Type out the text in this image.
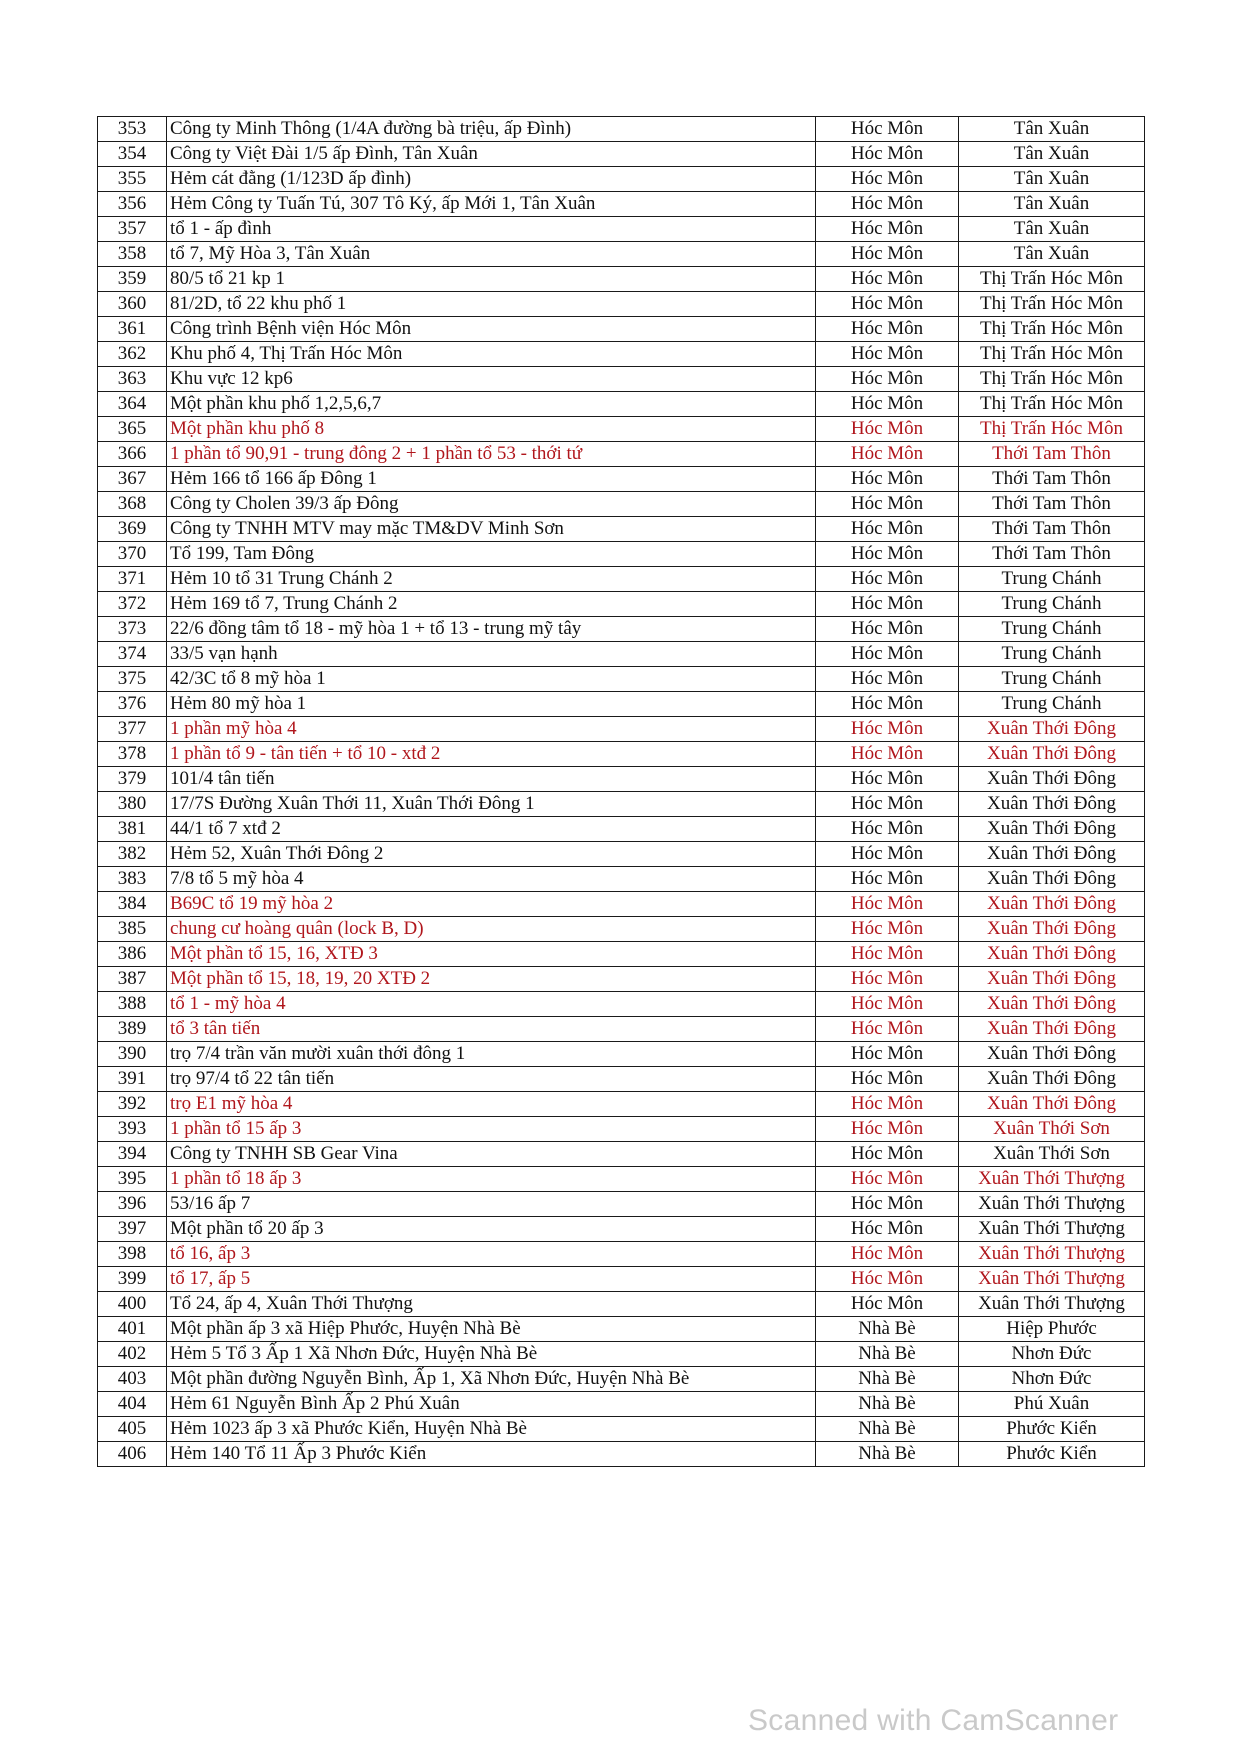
353	Công ty Minh Thông (1/4A đường bà triệu, ấp Đình)	Hóc Môn	Tân Xuân
354	Công ty Việt Đài 1/5 ấp Đình, Tân Xuân	Hóc Môn	Tân Xuân
355	Hẻm cát đằng (1/123D ấp đình)	Hóc Môn	Tân Xuân
356	Hẻm Công ty Tuấn Tú, 307 Tô Ký, ấp Mới 1, Tân Xuân	Hóc Môn	Tân Xuân
357	tổ 1 - ấp đình	Hóc Môn	Tân Xuân
358	tổ 7, Mỹ Hòa 3, Tân Xuân	Hóc Môn	Tân Xuân
359	80/5 tổ 21 kp 1	Hóc Môn	Thị Trấn Hóc Môn
360	81/2D, tổ 22 khu phố 1	Hóc Môn	Thị Trấn Hóc Môn
361	Công trình Bệnh viện Hóc Môn	Hóc Môn	Thị Trấn Hóc Môn
362	Khu phố 4, Thị Trấn Hóc Môn	Hóc Môn	Thị Trấn Hóc Môn
363	Khu vực 12 kp6	Hóc Môn	Thị Trấn Hóc Môn
364	Một phần khu phố 1,2,5,6,7	Hóc Môn	Thị Trấn Hóc Môn
365	Một phần khu phố 8	Hóc Môn	Thị Trấn Hóc Môn
366	1 phần tổ 90,91 - trung đông 2 + 1 phần tổ 53 - thới tứ	Hóc Môn	Thới Tam Thôn
367	Hẻm 166 tổ 166 ấp Đông 1	Hóc Môn	Thới Tam Thôn
368	Công ty Cholen 39/3 ấp Đông	Hóc Môn	Thới Tam Thôn
369	Công ty TNHH MTV may mặc TM&DV Minh Sơn	Hóc Môn	Thới Tam Thôn
370	Tổ 199, Tam Đông	Hóc Môn	Thới Tam Thôn
371	Hẻm 10 tổ 31 Trung Chánh 2	Hóc Môn	Trung Chánh
372	Hẻm 169 tổ 7, Trung Chánh 2	Hóc Môn	Trung Chánh
373	22/6 đồng tâm tổ 18 - mỹ hòa 1 + tổ 13 - trung mỹ tây	Hóc Môn	Trung Chánh
374	33/5 vạn hạnh	Hóc Môn	Trung Chánh
375	42/3C tổ 8 mỹ hòa 1	Hóc Môn	Trung Chánh
376	Hẻm 80 mỹ hòa 1	Hóc Môn	Trung Chánh
377	1 phần mỹ hòa 4	Hóc Môn	Xuân Thới Đông
378	1 phần tổ 9 - tân tiến + tổ 10 - xtđ 2	Hóc Môn	Xuân Thới Đông
379	101/4 tân tiến	Hóc Môn	Xuân Thới Đông
380	17/7S Đường Xuân Thới 11, Xuân Thới Đông 1	Hóc Môn	Xuân Thới Đông
381	44/1 tổ 7 xtđ 2	Hóc Môn	Xuân Thới Đông
382	Hẻm 52, Xuân Thới Đông 2	Hóc Môn	Xuân Thới Đông
383	7/8 tổ 5 mỹ hòa 4	Hóc Môn	Xuân Thới Đông
384	B69C tổ 19 mỹ hòa 2	Hóc Môn	Xuân Thới Đông
385	chung cư hoàng quân (lock B, D)	Hóc Môn	Xuân Thới Đông
386	Một phần tổ 15, 16, XTĐ 3	Hóc Môn	Xuân Thới Đông
387	Một phần tổ 15, 18, 19, 20 XTĐ 2	Hóc Môn	Xuân Thới Đông
388	tổ 1 - mỹ hòa 4	Hóc Môn	Xuân Thới Đông
389	tổ 3 tân tiến	Hóc Môn	Xuân Thới Đông
390	trọ 7/4 trần văn mười xuân thới đông 1	Hóc Môn	Xuân Thới Đông
391	trọ 97/4 tổ 22 tân tiến	Hóc Môn	Xuân Thới Đông
392	trọ E1 mỹ hòa 4	Hóc Môn	Xuân Thới Đông
393	1 phần tổ 15 ấp 3	Hóc Môn	Xuân Thới Sơn
394	Công ty TNHH SB Gear Vina	Hóc Môn	Xuân Thới Sơn
395	1 phần tổ 18 ấp 3	Hóc Môn	Xuân Thới Thượng
396	53/16 ấp 7	Hóc Môn	Xuân Thới Thượng
397	Một phần tổ 20 ấp 3	Hóc Môn	Xuân Thới Thượng
398	tổ 16, ấp 3	Hóc Môn	Xuân Thới Thượng
399	tổ 17, ấp 5	Hóc Môn	Xuân Thới Thượng
400	Tổ 24, ấp 4, Xuân Thới Thượng	Hóc Môn	Xuân Thới Thượng
401	Một phần ấp 3 xã Hiệp Phước, Huyện Nhà Bè	Nhà Bè	Hiệp Phước
402	Hẻm 5 Tổ 3 Ấp 1 Xã Nhơn Đức, Huyện Nhà Bè	Nhà Bè	Nhơn Đức
403	Một phần đường Nguyễn Bình, Ấp 1, Xã Nhơn Đức, Huyện Nhà Bè	Nhà Bè	Nhơn Đức
404	Hẻm 61 Nguyễn Bình Ấp 2 Phú Xuân	Nhà Bè	Phú Xuân
405	Hẻm 1023 ấp 3 xã Phước Kiển, Huyện Nhà Bè	Nhà Bè	Phước Kiển
406	Hẻm 140 Tổ 11 Ấp 3 Phước Kiển	Nhà Bè	Phước Kiển
Scanned with CamScanner
